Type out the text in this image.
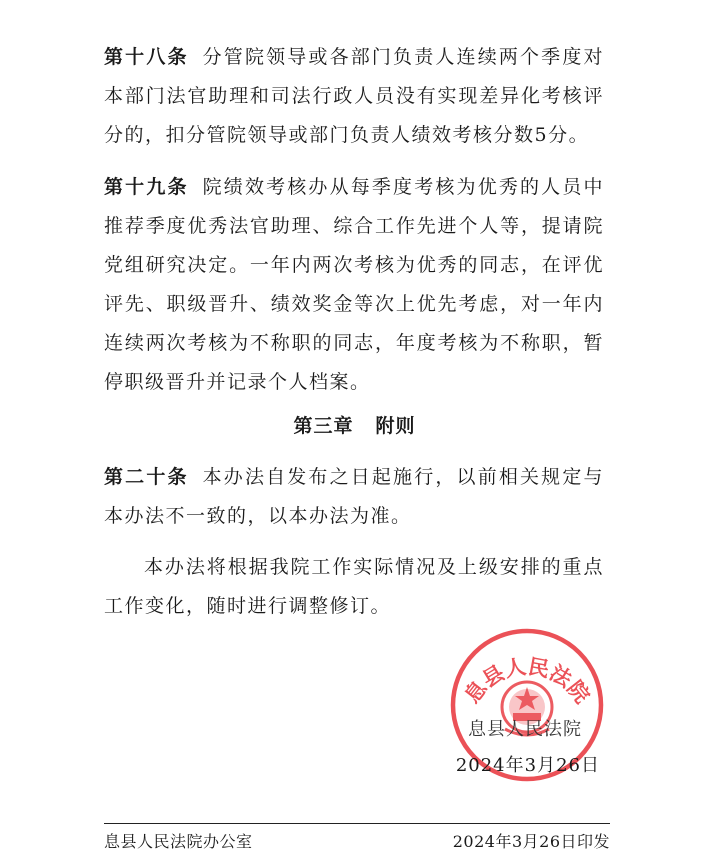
第十八条 分管院领导或各部门负责人连续两个季度对本部门法官助理和司法行政人员没有实现差异化考核评分的，扣分管院领导或部门负责人绩效考核分数5分。

第十九条 院绩效考核办从每季度考核为优秀的人员中推荐季度优秀法官助理、综合工作先进个人等，提请院党组研究决定。一年内两次考核为优秀的同志，在评优评先、职级晋升、绩效奖金等次上优先考虑，对一年内连续两次考核为不称职的同志，年度考核为不称职，暂停职级晋升并记录个人档案。

第三章 附则

第二十条 本办法自发布之日起施行，以前相关规定与本办法不一致的，以本办法为准。

本办法将根据我院工作实际情况及上级安排的重点工作变化，随时进行调整修订。

息县人民法院
息县人民法院
2024年3月26日
息县人民法院办公室	2024年3月26日印发
